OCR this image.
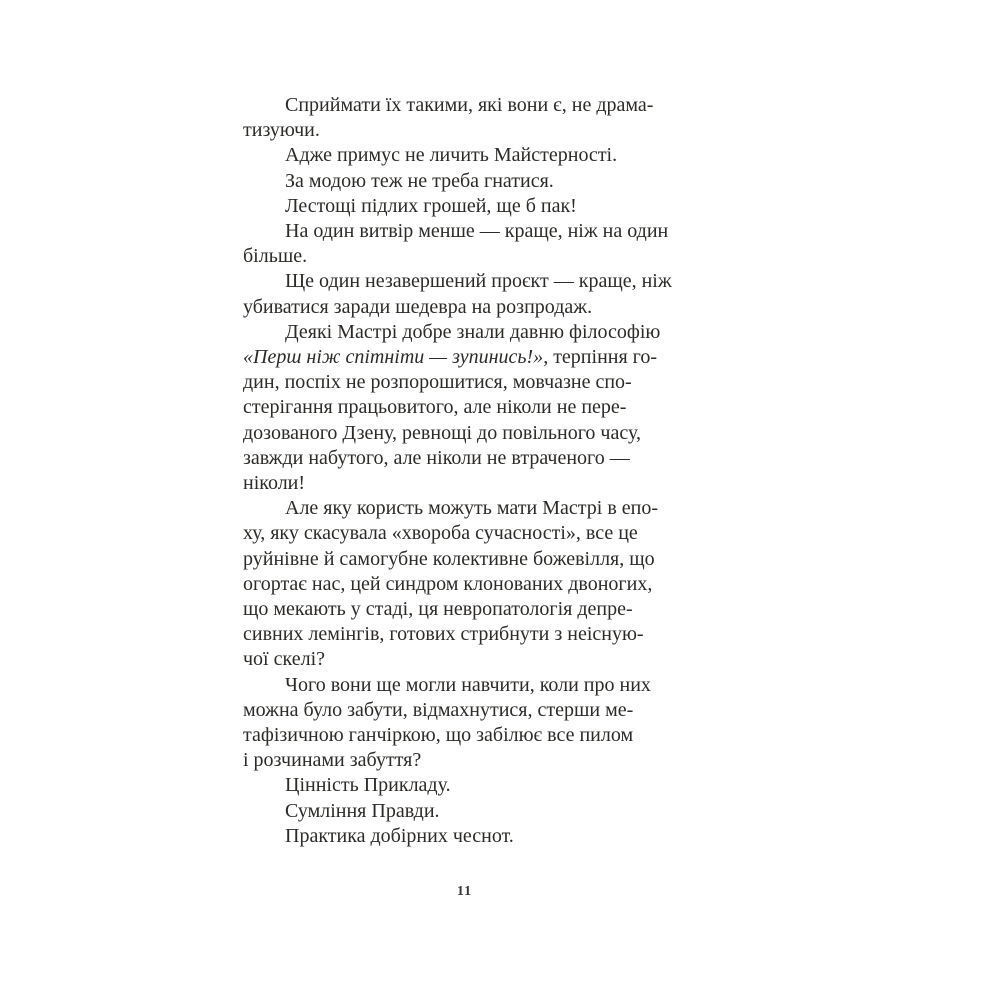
Сприймати їх такими, які вони є, не драма-
тизуючи.
Адже примус не личить Майстерності.
За модою теж не треба гнатися.
Лестощі підлих грошей, ще б пак!
На один витвір менше — краще, ніж на один
більше.
Ще один незавершений проєкт — краще, ніж
убиватися заради шедевра на розпродаж.
Деякі Мастрі добре знали давню філософію
«Перш ніж спітніти — зупинись!», терпіння го-
дин, поспіх не розпорошитися, мовчазне спо-
стерігання працьовитого, але ніколи не пере-
дозованого Дзену, ревнощі до повільного часу,
завжди набутого, але ніколи не втраченого —
ніколи!
Але яку користь можуть мати Мастрі в епо-
ху, яку скасувала «хвороба сучасності», все це
руйнівне й самогубне колективне божевілля, що
огортає нас, цей синдром клонованих двоногих,
що мекають у стаді, ця невропатологія депре-
сивних лемінгів, готових стрибнути з неісную-
чої скелі?
Чого вони ще могли навчити, коли про них
можна було забути, відмахнутися, стерши ме-
тафізичною ганчіркою, що забілює все пилом
і розчинами забуття?
Цінність Прикладу.
Сумління Правди.
Практика добірних чеснот.
11
